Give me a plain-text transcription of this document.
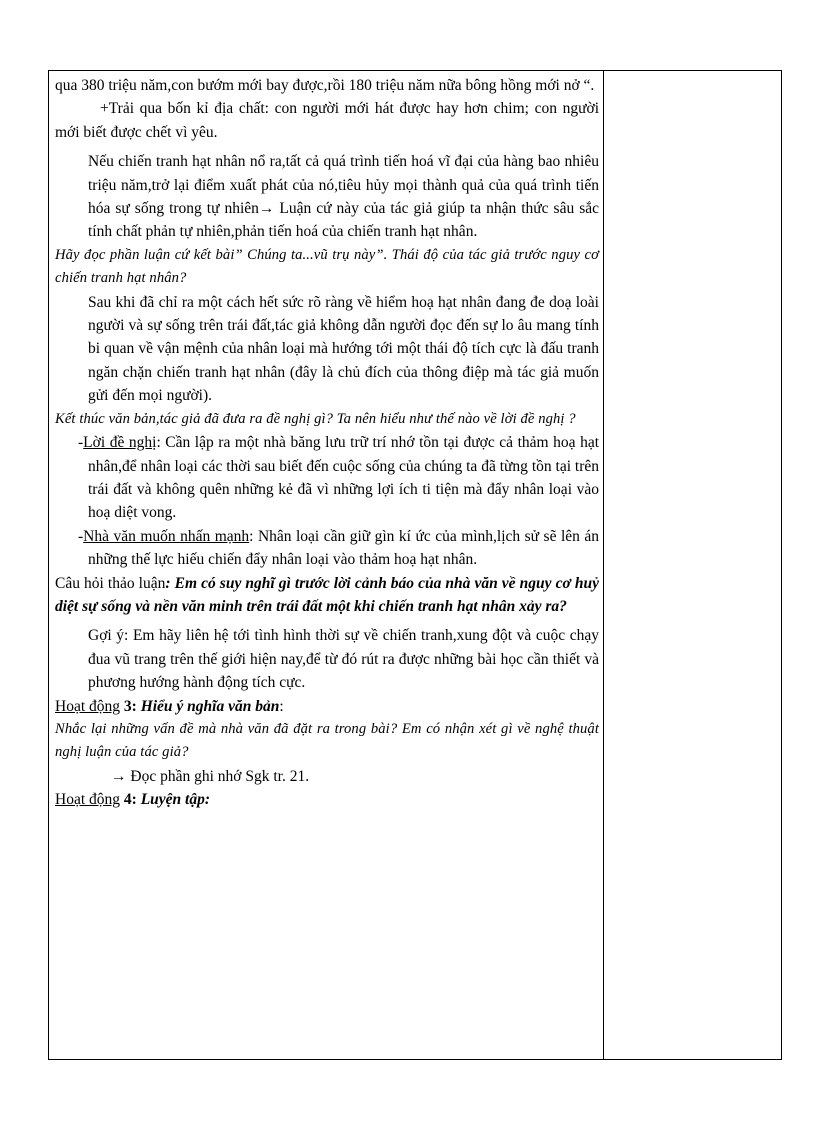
qua 380 triệu năm,con bướm mới bay được,rồi 180 triệu năm nữa bông hồng mới nở “.

+Trải qua bốn kỉ địa chất: con người mới hát được hay hơn chim; con người mới biết được chết vì yêu.

Nếu chiến tranh hạt nhân nổ ra,tất cả quá trình tiến hoá vĩ đại của hàng bao nhiêu triệu năm,trở lại điểm xuất phát của nó,tiêu hủy mọi thành quả của quá trình tiến hóa sự sống trong tự nhiên→ Luận cứ này của tác giả giúp ta nhận thức sâu sắc tính chất phản tự nhiên,phản tiến hoá của chiến tranh hạt nhân.

Hãy đọc phần luận cứ kết bài” Chúng ta...vũ trụ này”. Thái độ của tác giả trước nguy cơ chiến tranh hạt nhân?

Sau khi đã chỉ ra một cách hết sức rõ ràng về hiểm hoạ hạt nhân đang đe doạ loài người và sự sống trên trái đất,tác giả không dẫn người đọc đến sự lo âu mang tính bi quan về vận mệnh của nhân loại mà hướng tới một thái độ tích cực là đấu tranh ngăn chặn chiến tranh hạt nhân (đây là chủ đích của thông điệp mà tác giả muốn gửi đến mọi người).

Kết thúc văn bản,tác giả đã đưa ra đề nghị gì? Ta nên hiểu như thế nào về lời đề nghị ?

-Lời đề nghị: Cần lập ra một nhà băng lưu trữ trí nhớ tồn tại được cả thảm hoạ hạt nhân,để nhân loại các thời sau biết đến cuộc sống của chúng ta đã từng tồn tại trên trái đất và không quên những kẻ đã vì những lợi ích ti tiện mà đẩy nhân loại vào hoạ diệt vong.

-Nhà văn muốn nhấn mạnh: Nhân loại cần giữ gìn kí ức của mình,lịch sử sẽ lên án những thế lực hiếu chiến đẩy nhân loại vào thảm hoạ hạt nhân.

Câu hỏi thảo luận: Em có suy nghĩ gì trước lời cảnh báo của nhà văn về nguy cơ huỷ diệt sự sống và nền văn minh trên trái đất một khi chiến tranh hạt nhân xảy ra?

Gợi ý: Em hãy liên hệ tới tình hình thời sự về chiến tranh,xung đột và cuộc chạy đua vũ trang trên thế giới hiện nay,để từ đó rút ra được những bài học cần thiết và phương hướng hành động tích cực.

Hoạt động 3: Hiểu ý nghĩa văn bản:

Nhắc lại những vấn đề mà nhà văn đã đặt ra trong bài? Em có nhận xét gì về nghệ thuật nghị luận của tác giả?

→ Đọc phần ghi nhớ Sgk tr. 21.

Hoạt động 4: Luyện tập:
